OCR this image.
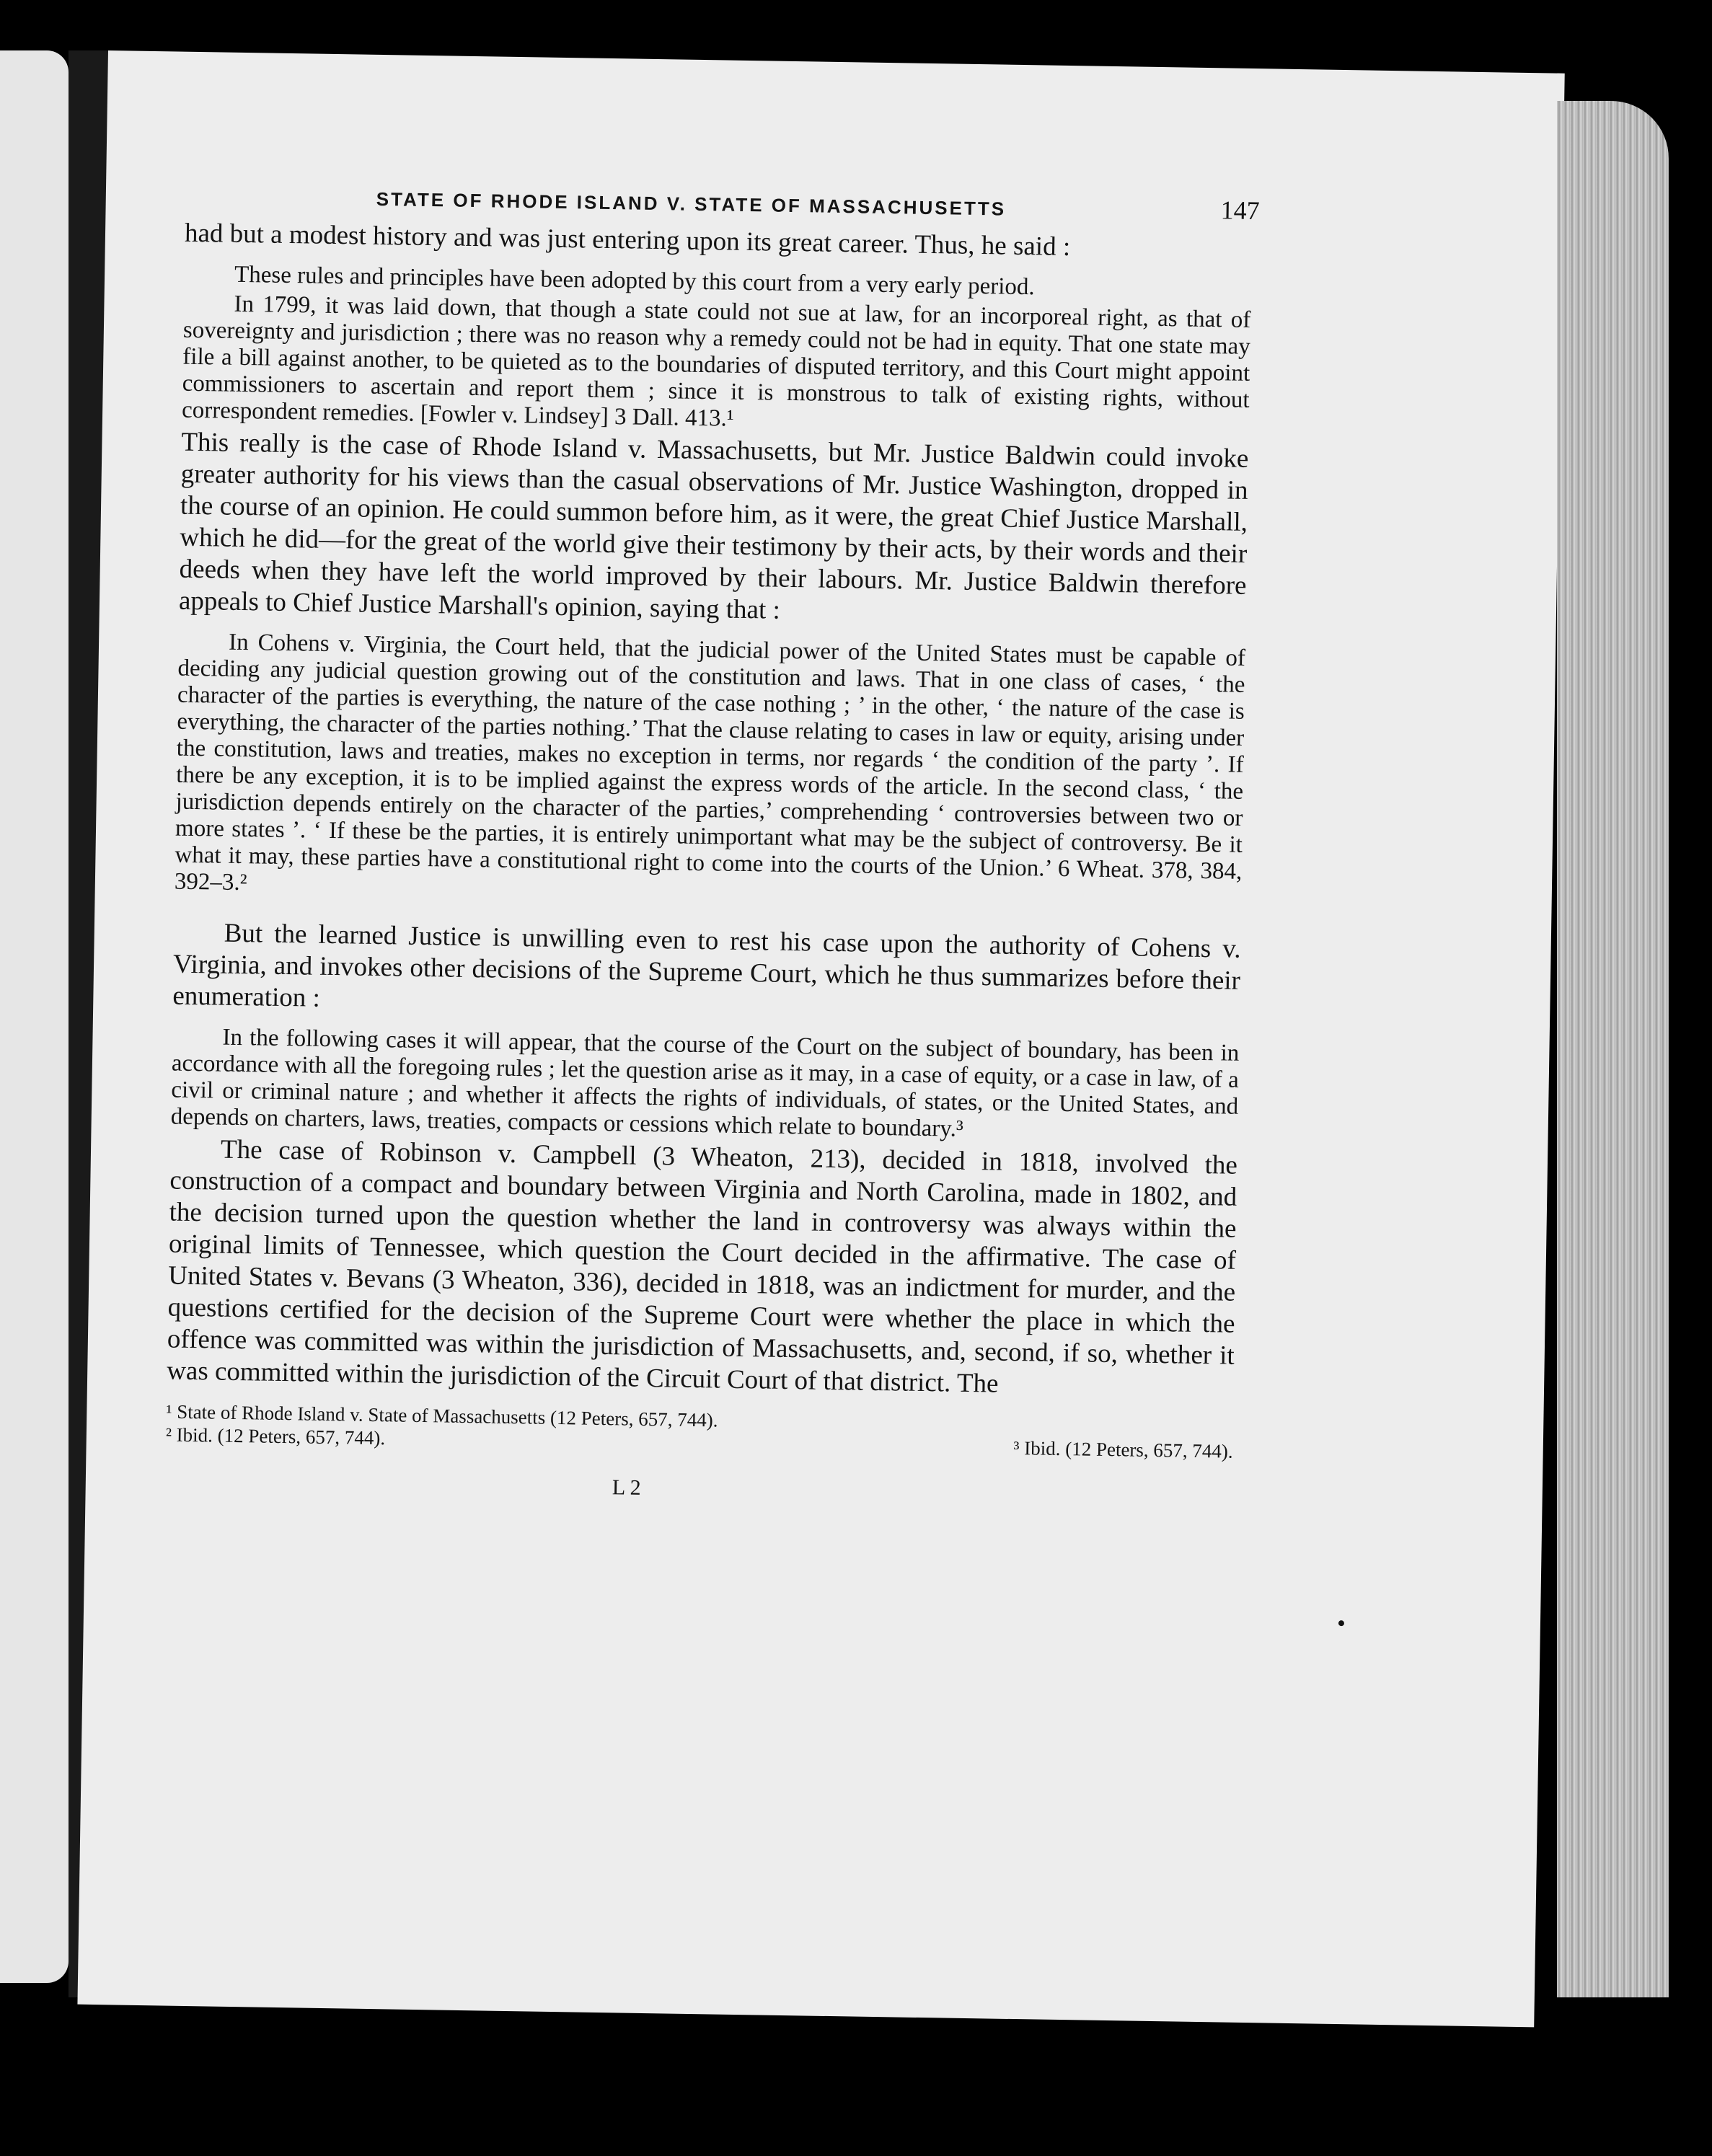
STATE OF RHODE ISLAND V. STATE OF MASSACHUSETTS	147

had but a modest history and was just entering upon its great career. Thus, he said :

These rules and principles have been adopted by this court from a very early period.

In 1799, it was laid down, that though a state could not sue at law, for an incorporeal right, as that of sovereignty and jurisdiction ; there was no reason why a remedy could not be had in equity. That one state may file a bill against another, to be quieted as to the boundaries of disputed territory, and this Court might appoint commissioners to ascertain and report them ; since it is monstrous to talk of existing rights, without correspondent remedies. [Fowler v. Lindsey] 3 Dall. 413.¹

This really is the case of Rhode Island v. Massachusetts, but Mr. Justice Baldwin could invoke greater authority for his views than the casual observations of Mr. Justice Washington, dropped in the course of an opinion. He could summon before him, as it were, the great Chief Justice Marshall, which he did—for the great of the world give their testimony by their acts, by their words and their deeds when they have left the world improved by their labours. Mr. Justice Baldwin therefore appeals to Chief Justice Marshall's opinion, saying that :

In Cohens v. Virginia, the Court held, that the judicial power of the United States must be capable of deciding any judicial question growing out of the constitution and laws. That in one class of cases, ‘ the character of the parties is everything, the nature of the case nothing ; ’ in the other, ‘ the nature of the case is everything, the character of the parties nothing.’ That the clause relating to cases in law or equity, arising under the constitution, laws and treaties, makes no exception in terms, nor regards ‘ the condition of the party ’. If there be any exception, it is to be implied against the express words of the article. In the second class, ‘ the jurisdiction depends entirely on the character of the parties,’ comprehending ‘ controversies between two or more states ’. ‘ If these be the parties, it is entirely unimportant what may be the subject of controversy. Be it what it may, these parties have a constitutional right to come into the courts of the Union.’ 6 Wheat. 378, 384, 392–3.²

But the learned Justice is unwilling even to rest his case upon the authority of Cohens v. Virginia, and invokes other decisions of the Supreme Court, which he thus summarizes before their enumeration :

In the following cases it will appear, that the course of the Court on the subject of boundary, has been in accordance with all the foregoing rules ; let the question arise as it may, in a case of equity, or a case in law, of a civil or criminal nature ; and whether it affects the rights of individuals, of states, or the United States, and depends on charters, laws, treaties, compacts or cessions which relate to boundary.³

The case of Robinson v. Campbell (3 Wheaton, 213), decided in 1818, involved the construction of a compact and boundary between Virginia and North Carolina, made in 1802, and the decision turned upon the question whether the land in controversy was always within the original limits of Tennessee, which question the Court decided in the affirmative. The case of United States v. Bevans (3 Wheaton, 336), decided in 1818, was an indictment for murder, and the questions certified for the decision of the Supreme Court were whether the place in which the offence was committed was within the jurisdiction of Massachusetts, and, second, if so, whether it was committed within the jurisdiction of the Circuit Court of that district. The

¹ State of Rhode Island v. State of Massachusetts (12 Peters, 657, 744).
² Ibid. (12 Peters, 657, 744).
³ Ibid. (12 Peters, 657, 744).
L 2
